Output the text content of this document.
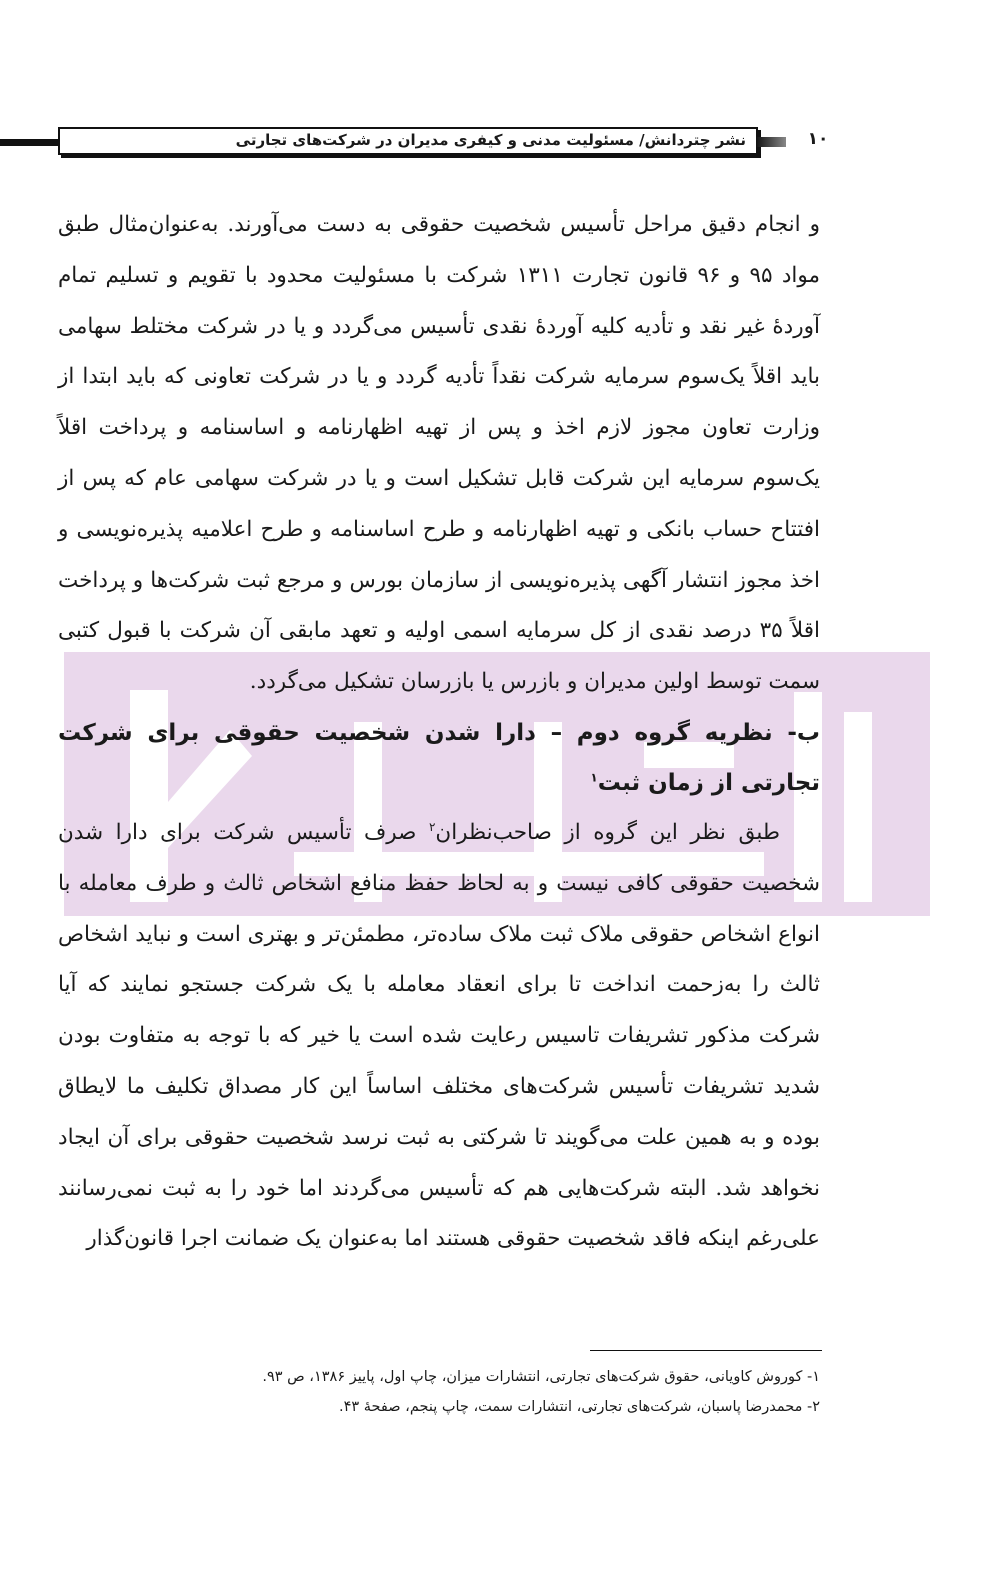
نشر چتردانش/ مسئولیت مدنی و کیفری مدیران در شرکت‌های تجارتی	۱۰

و انجام دقیق مراحل تأسیس شخصیت حقوقی به دست می‌آورند. به‌عنوان‌مثال طبق مواد ۹۵ و ۹۶ قانون تجارت ۱۳۱۱ شرکت با مسئولیت محدود با تقویم و تسلیم تمام آوردهٔ غیر نقد و تأدیه کلیه آوردهٔ نقدی تأسیس می‌گردد و یا در شرکت مختلط سهامی باید اقلاً یک‌سوم سرمایه شرکت نقداً تأدیه گردد و یا در شرکت تعاونی که باید ابتدا از وزارت تعاون مجوز لازم اخذ و پس از تهیه اظهارنامه و اساسنامه و پرداخت اقلاً یک‌سوم سرمایه این شرکت قابل تشکیل است و یا در شرکت سهامی عام که پس از افتتاح حساب بانکی و تهیه اظهارنامه و طرح اساسنامه و طرح اعلامیه پذیره‌نویسی و اخذ مجوز انتشار آگهی پذیره‌نویسی از سازمان بورس و مرجع ثبت شرکت‌ها و پرداخت اقلاً ۳۵ درصد نقدی از کل سرمایه اسمی اولیه و تعهد مابقی آن شرکت با قبول کتبی سمت توسط اولین مدیران و بازرس یا بازرسان تشکیل می‌گردد.

ب- نظریه گروه دوم – دارا شدن شخصیت حقوقی برای شرکت تجارتی از زمان ثبت$^۱$

طبق نظر این گروه از صاحب‌نظران$^۲$ صرف تأسیس شرکت برای دارا شدن شخصیت حقوقی کافی نیست و به لحاظ حفظ منافع اشخاص ثالث و طرف معامله با انواع اشخاص حقوقی ملاک ثبت ملاک ساده‌تر، مطمئن‌تر و بهتری است و نباید اشخاص ثالث را به‌زحمت انداخت تا برای انعقاد معامله با یک شرکت جستجو نمایند که آیا شرکت مذکور تشریفات تاسیس رعایت شده است یا خیر که با توجه به متفاوت بودن شدید تشریفات تأسیس شرکت‌های مختلف اساساً این کار مصداق تکلیف ما لایطاق بوده و به همین علت می‌گویند تا شرکتی به ثبت نرسد شخصیت حقوقی برای آن ایجاد نخواهد شد. البته شرکت‌هایی هم که تأسیس می‌گردند اما خود را به ثبت نمی‌رسانند علی‌رغم اینکه فاقد شخصیت حقوقی هستند اما به‌عنوان یک ضمانت اجرا قانون‌گذار

۱- کوروش کاویانی، حقوق شرکت‌های تجارتی، انتشارات میزان، چاپ اول، پاییز ۱۳۸۶، ص ۹۳.

۲- محمدرضا پاسبان، شرکت‌های تجارتی، انتشارات سمت، چاپ پنجم، صفحهٔ ۴۳.
